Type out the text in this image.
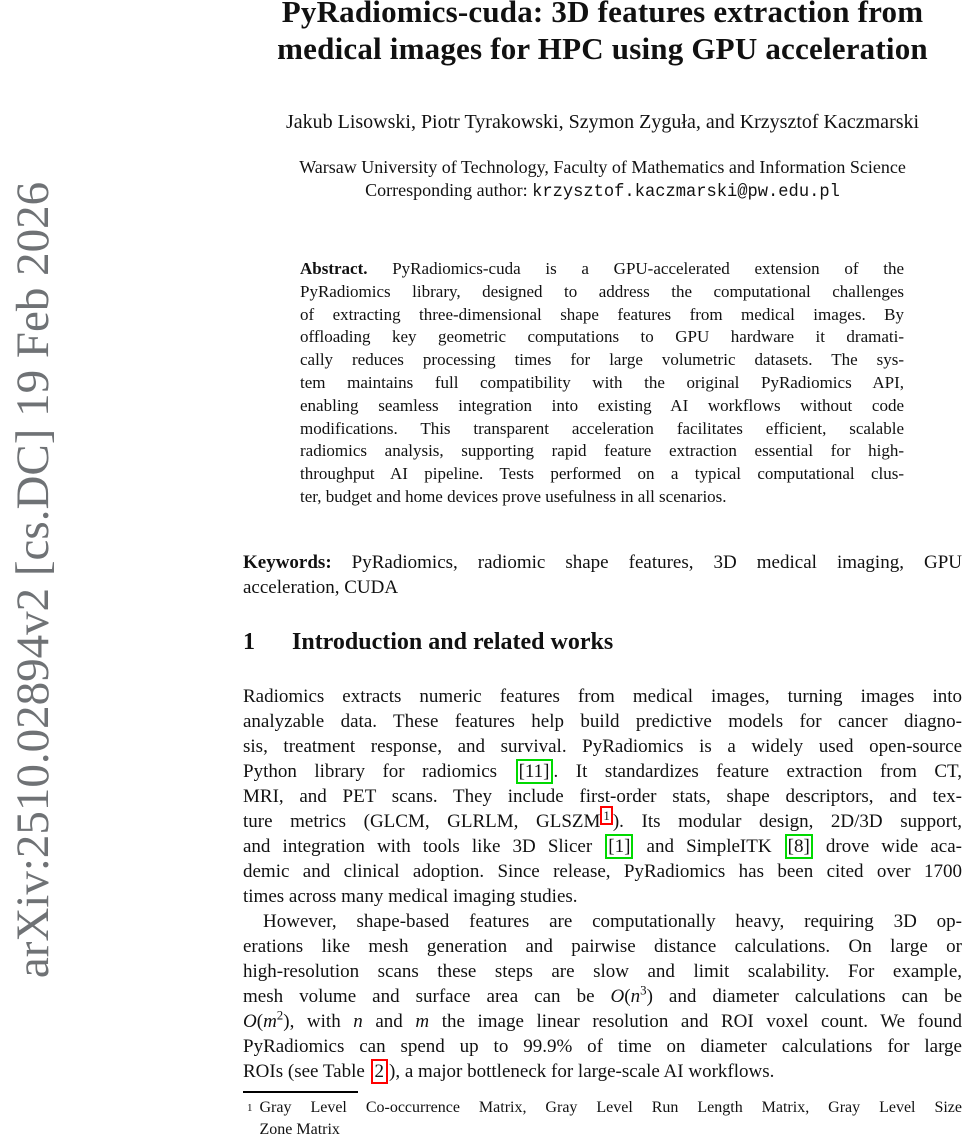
arXiv:2510.02894v2 [cs.DC] 19 Feb 2026
PyRadiomics-cuda: 3D features extraction from
medical images for HPC using GPU acceleration
Jakub Lisowski, Piotr Tyrakowski, Szymon Zyguła, and Krzysztof Kaczmarski
Warsaw University of Technology, Faculty of Mathematics and Information Science
Corresponding author: krzysztof.kaczmarski@pw.edu.pl
Abstract. PyRadiomics-cuda is a GPU-accelerated extension of the
PyRadiomics library, designed to address the computational challenges
of extracting three-dimensional shape features from medical images. By
offloading key geometric computations to GPU hardware it dramati-
cally reduces processing times for large volumetric datasets. The sys-
tem maintains full compatibility with the original PyRadiomics API,
enabling seamless integration into existing AI workflows without code
modifications. This transparent acceleration facilitates efficient, scalable
radiomics analysis, supporting rapid feature extraction essential for high-
throughput AI pipeline. Tests performed on a typical computational clus-
ter, budget and home devices prove usefulness in all scenarios.
Keywords: PyRadiomics, radiomic shape features, 3D medical imaging, GPU
acceleration, CUDA
1 Introduction and related works
Radiomics extracts numeric features from medical images, turning images into
analyzable data. These features help build predictive models for cancer diagno-
sis, treatment response, and survival. PyRadiomics is a widely used open-source
Python library for radiomics [11] . It standardizes feature extraction from CT,
MRI, and PET scans. They include first-order stats, shape descriptors, and tex-
ture metrics (GLCM, GLRLM, GLSZM $^1$ ). Its modular design, 2D/3D support,
and integration with tools like 3D Slicer [1] and SimpleITK [8] drove wide aca-
demic and clinical adoption. Since release, PyRadiomics has been cited over 1700
times across many medical imaging studies.
However, shape-based features are computationally heavy, requiring 3D op-
erations like mesh generation and pairwise distance calculations. On large or
high-resolution scans these steps are slow and limit scalability. For example,
mesh volume and surface area can be $O(n^3)$ and diameter calculations can be
$O(m^2)$, with n and m the image linear resolution and ROI voxel count. We found
PyRadiomics can spend up to 99.9% of time on diameter calculations for large
ROIs (see Table 2 ), a major bottleneck for large-scale AI workflows.
1 Gray Level Co-occurrence Matrix, Gray Level Run Length Matrix, Gray Level Size
Zone Matrix
